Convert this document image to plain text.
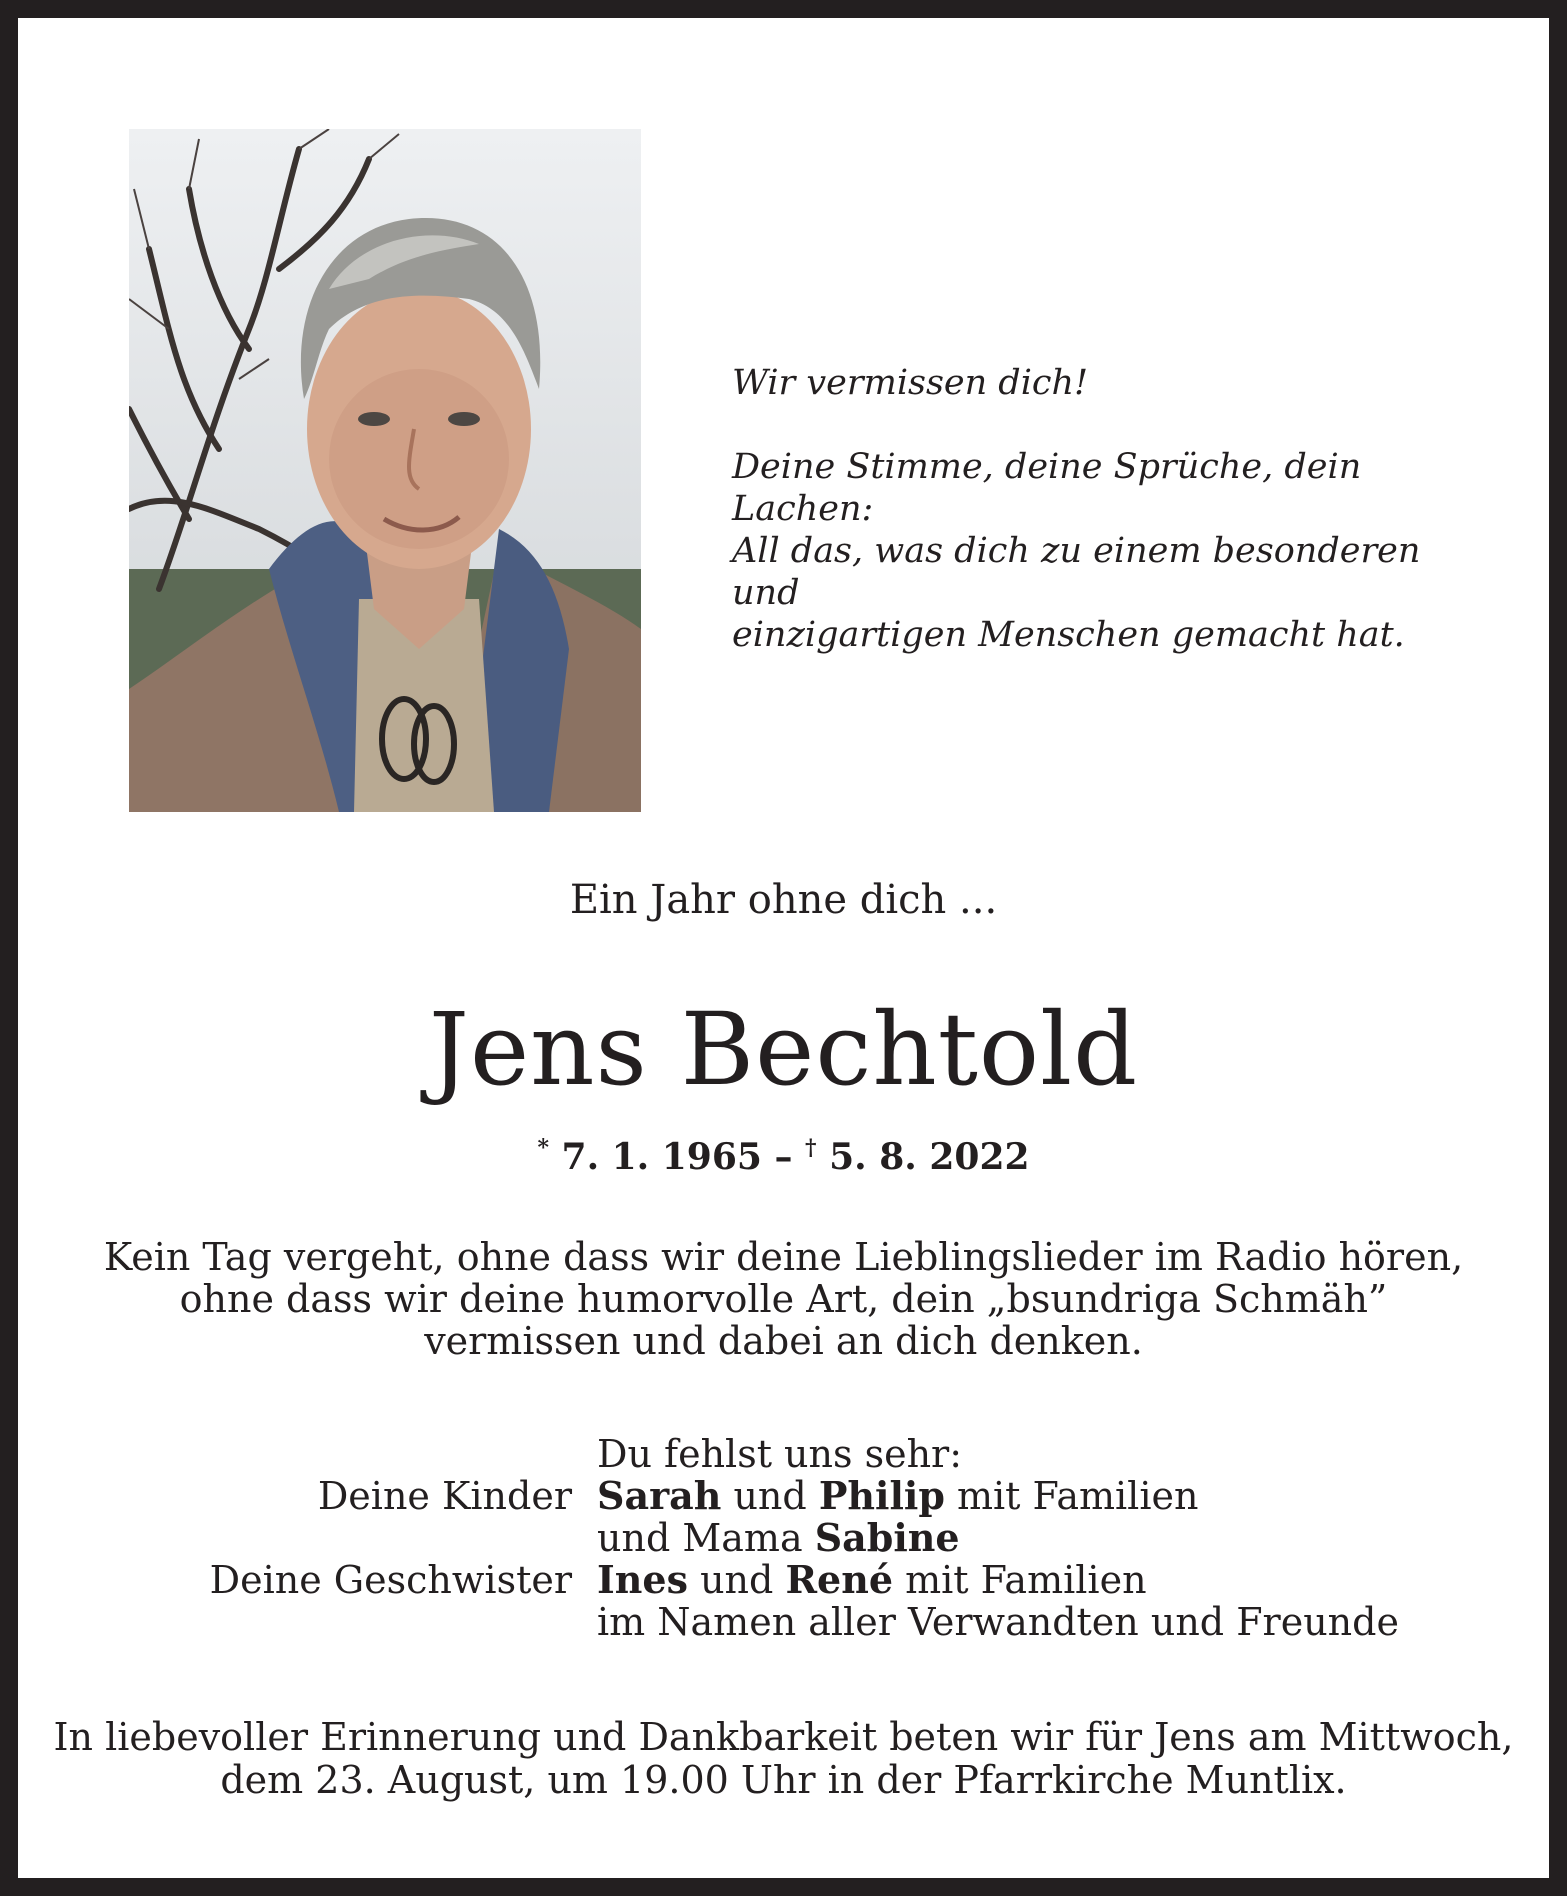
Wir vermissen dich!

Deine Stimme, deine Sprüche, dein Lachen:

All das, was dich zu einem besonderen und

einzigartigen Menschen gemacht hat.

Ein Jahr ohne dich ...
Jens Bechtold
* 7. 1. 1965 – † 5. 8. 2022

Kein Tag vergeht, ohne dass wir deine Lieblingslieder im Radio hören,

ohne dass wir deine humorvolle Art, dein „bsundriga Schmäh”

vermissen und dabei an dich denken.

Du fehlst uns sehr:
Deine Kinder Sarah und Philip mit Familien
und Mama Sabine
Deine Geschwister Ines und René mit Familien
im Namen aller Verwandten und Freunde

In liebevoller Erinnerung und Dankbarkeit beten wir für Jens am Mittwoch,

dem 23. August, um 19.00 Uhr in der Pfarrkirche Muntlix.
